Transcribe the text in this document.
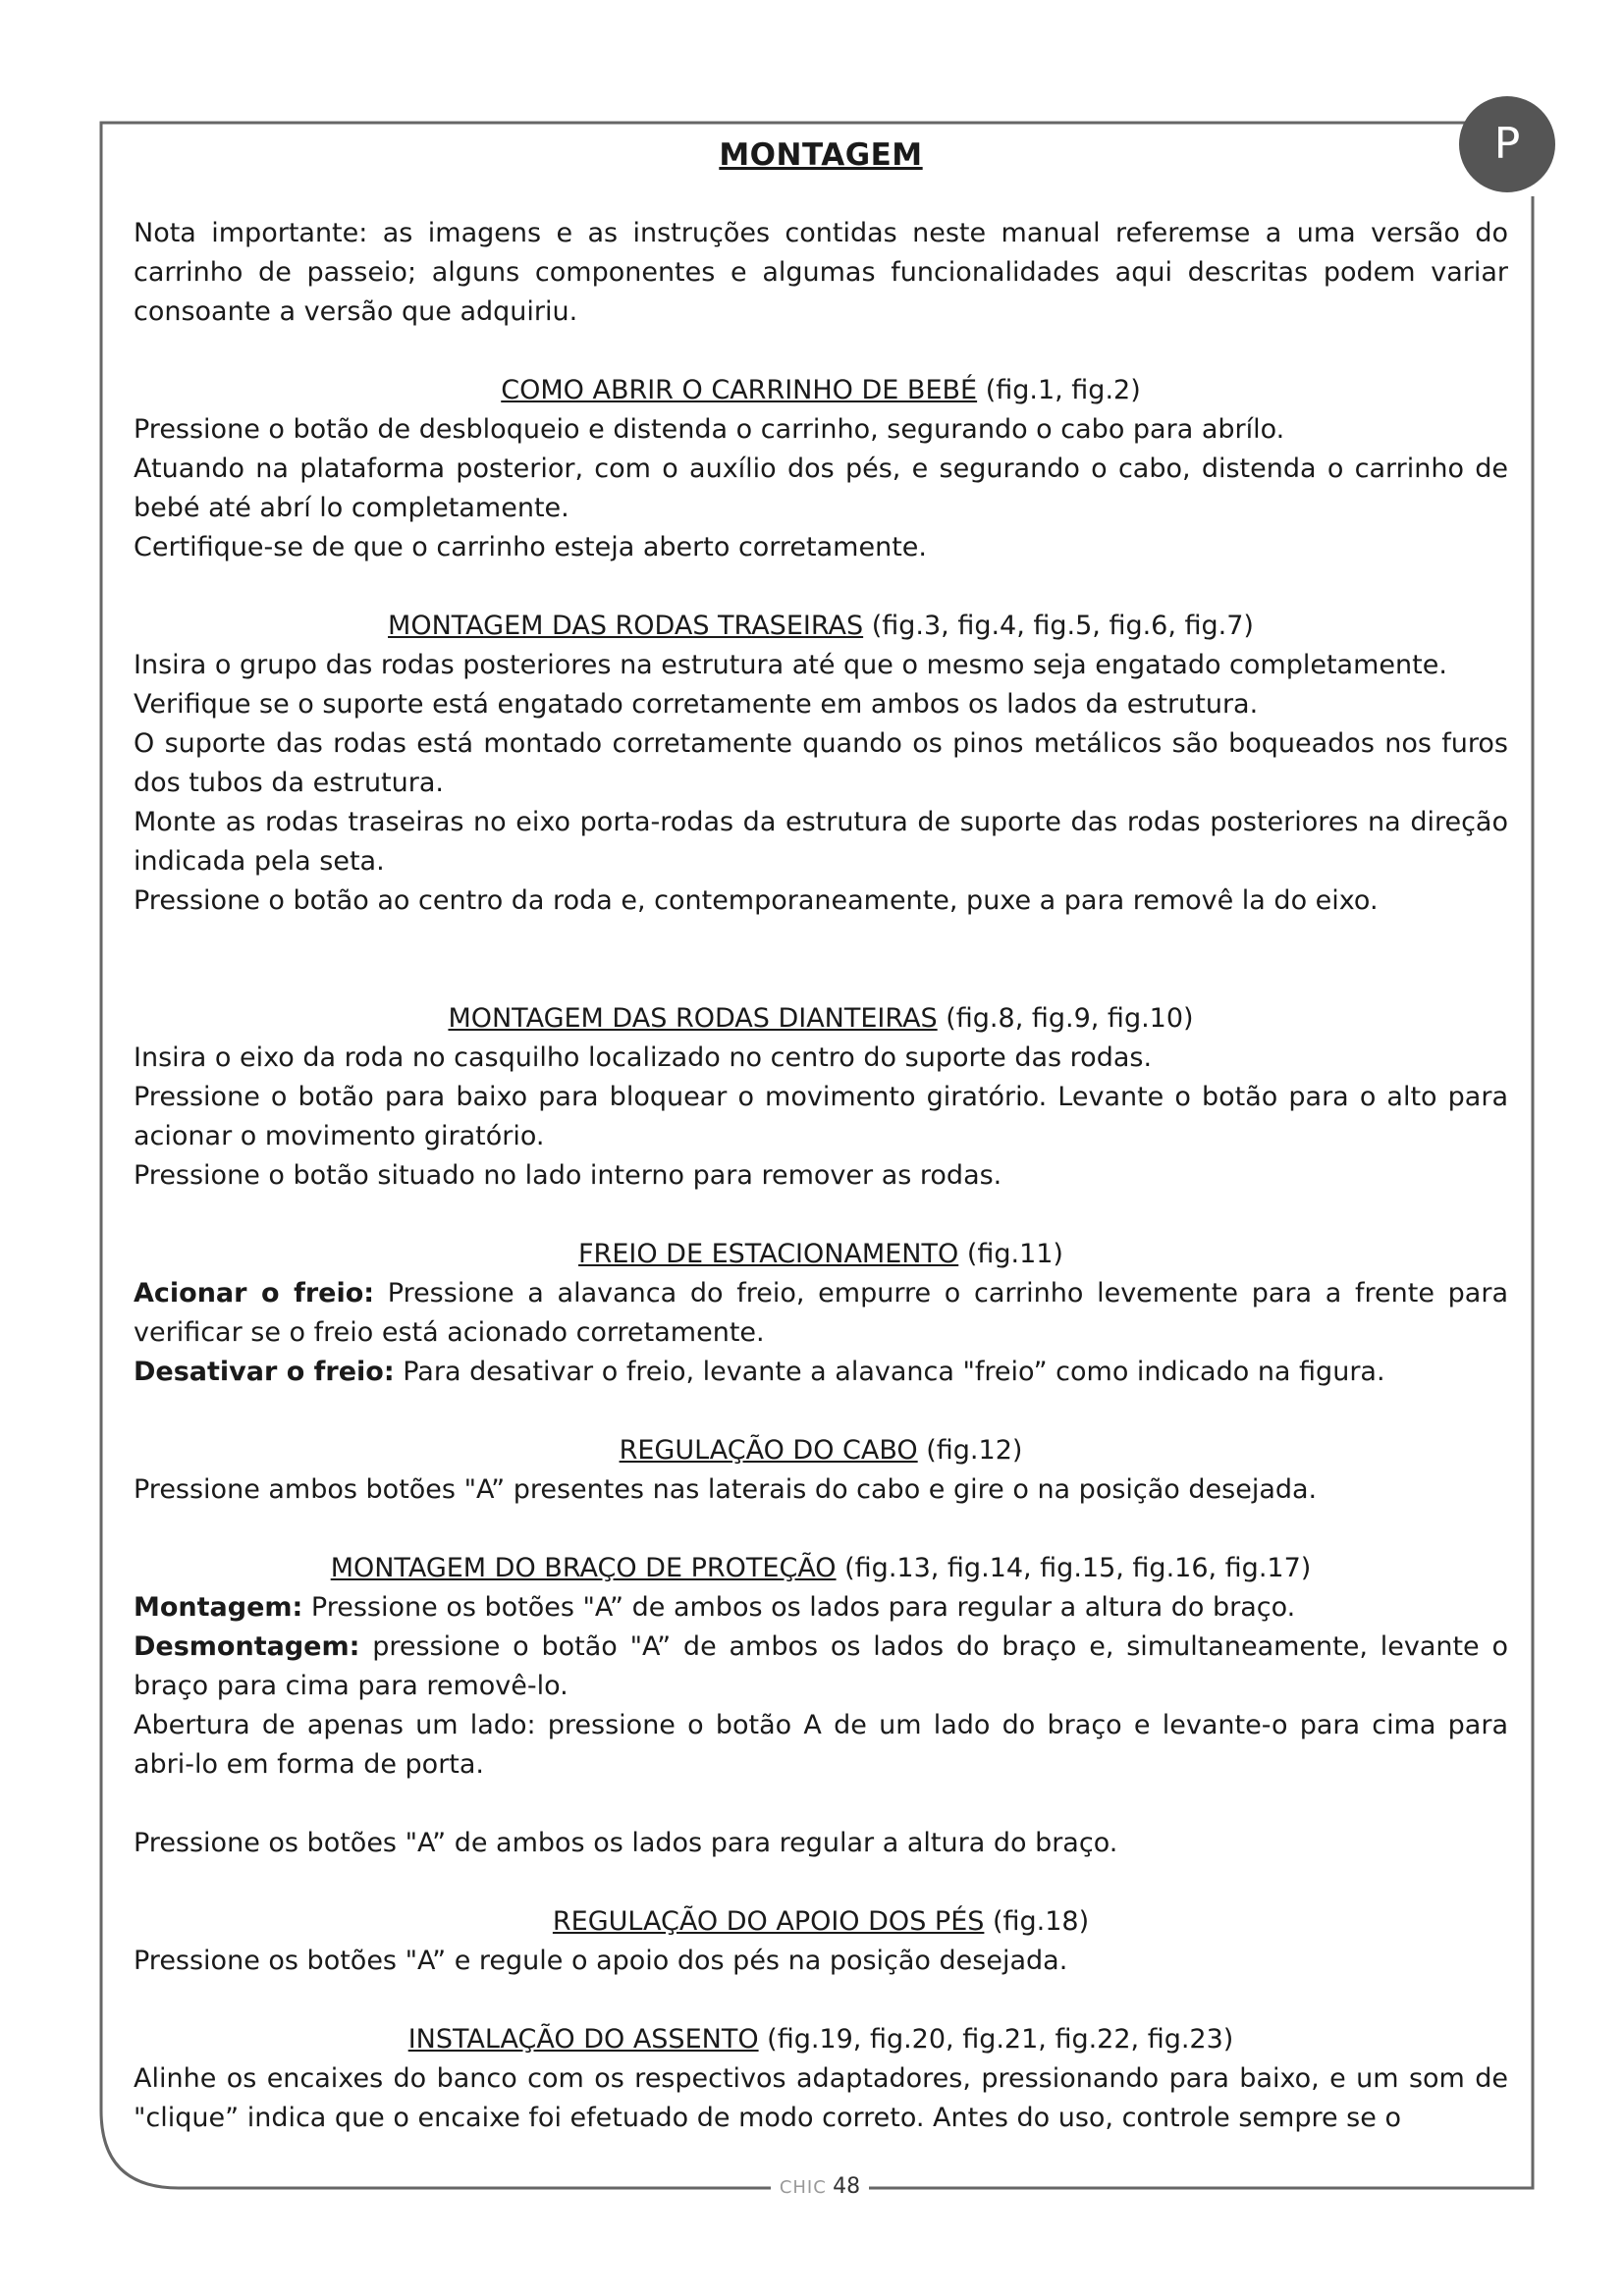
P
MONTAGEM

Nota importante: as imagens e as instruções contidas neste manual referemse a uma versão do carrinho de passeio; alguns componentes e algumas funcionalidades aqui descritas podem variar consoante a versão que adquiriu.

COMO ABRIR O CARRINHO DE BEBÉ (fig.1, fig.2)

Pressione o botão de desbloqueio e distenda o carrinho, segurando o cabo para abrílo.

Atuando na plataforma posterior, com o auxílio dos pés, e segurando o cabo, distenda o carrinho de bebé até abrí lo completamente.

Certifique-se de que o carrinho esteja aberto corretamente.

MONTAGEM DAS RODAS TRASEIRAS (fig.3, fig.4, fig.5, fig.6, fig.7)

Insira o grupo das rodas posteriores na estrutura até que o mesmo seja engatado completamente.

Verifique se o suporte está engatado corretamente em ambos os lados da estrutura.

O suporte das rodas está montado corretamente quando os pinos metálicos são boqueados nos furos dos tubos da estrutura.

Monte as rodas traseiras no eixo porta-rodas da estrutura de suporte das rodas posteriores na direção indicada pela seta.

Pressione o botão ao centro da roda e, contemporaneamente, puxe a para removê la do eixo.

MONTAGEM DAS RODAS DIANTEIRAS (fig.8, fig.9, fig.10)

Insira o eixo da roda no casquilho localizado no centro do suporte das rodas.

Pressione o botão para baixo para bloquear o movimento giratório. Levante o botão para o alto para acionar o movimento giratório.

Pressione o botão situado no lado interno para remover as rodas.

FREIO DE ESTACIONAMENTO (fig.11)

Acionar o freio: Pressione a alavanca do freio, empurre o carrinho levemente para a frente para verificar se o freio está acionado corretamente.

Desativar o freio: Para desativar o freio, levante a alavanca "freio” como indicado na figura.

REGULAÇÃO DO CABO (fig.12)

Pressione ambos botões "A” presentes nas laterais do cabo e gire o na posição desejada.

MONTAGEM DO BRAÇO DE PROTEÇÃO (fig.13, fig.14, fig.15, fig.16, fig.17)

Montagem: Pressione os botões "A” de ambos os lados para regular a altura do braço.

Desmontagem: pressione o botão "A” de ambos os lados do braço e, simultaneamente, levante o braço para cima para removê-lo.

Abertura de apenas um lado: pressione o botão A de um lado do braço e levante-o para cima para abri-lo em forma de porta.

Pressione os botões "A” de ambos os lados para regular a altura do braço.

REGULAÇÃO DO APOIO DOS PÉS (fig.18)

Pressione os botões "A” e regule o apoio dos pés na posição desejada.

INSTALAÇÃO DO ASSENTO (fig.19, fig.20, fig.21, fig.22, fig.23)

Alinhe os encaixes do banco com os respectivos adaptadores, pressionando para baixo, e um som de "clique” indica que o encaixe foi efetuado de modo correto. Antes do uso, controle sempre se o

CHIC 48
